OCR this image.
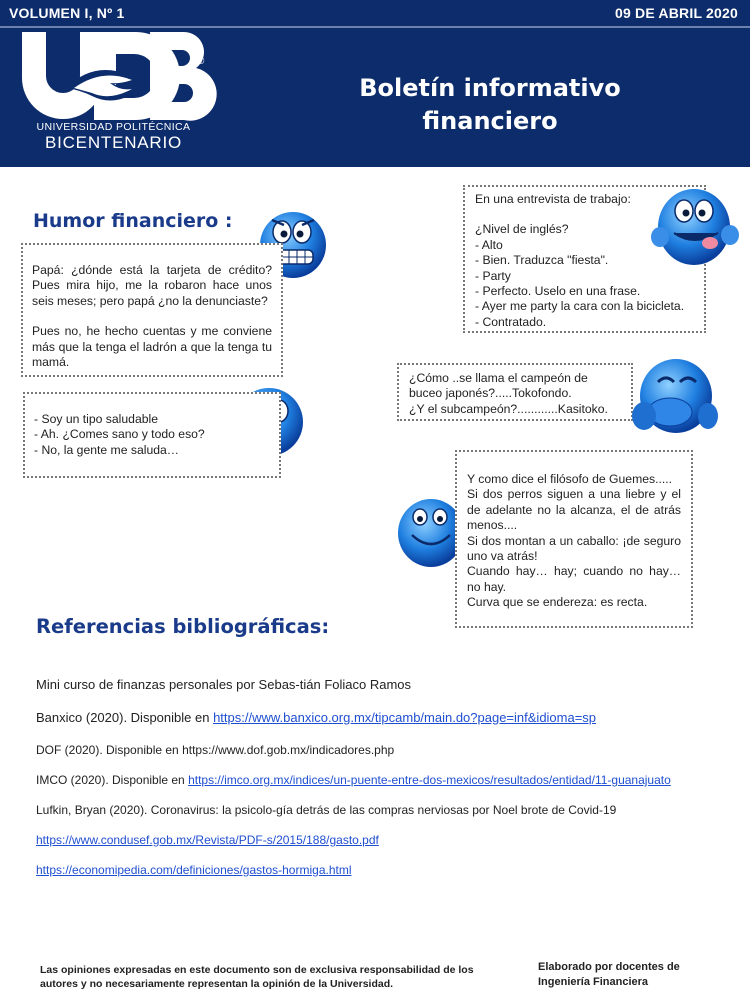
VOLUMEN I, Nº 1	09 DE ABRIL 2020
®
UNIVERSIDAD POLITÉCNICA
BICENTENARIO
Boletín informativo
financiero
Humor financiero :

Papá: ¿dónde está la tarjeta de crédito? Pues mira hijo, me la robaron hace unos seis meses; pero papá ¿no la denunciaste?

Pues no, he hecho cuentas y me conviene más que la tenga el ladrón a que la tenga tu mamá.

- Soy un tipo saludable

- Ah. ¿Comes sano y todo eso?

- No, la gente me saluda…

En una entrevista de trabajo:

¿Nivel de inglés?

- Alto

- Bien. Traduzca "fiesta".

- Party

- Perfecto. Uselo en una frase.

- Ayer me party la cara con la bicicleta.

- Contratado.

¿Cómo ..se llama el campeón de buceo japonés?.....Tokofondo.

¿Y el subcampeón?............Kasitoko.

Y como dice el filósofo de Guemes.....

Si dos perros siguen a una liebre y el de adelante no la alcanza, el de atrás menos....

Si dos montan a un caballo: ¡de seguro uno va atrás!

Cuando hay… hay; cuando no hay… no hay.

Curva que se endereza: es recta.

Referencias bibliográficas:
Mini curso de finanzas personales por Sebas-tián Foliaco Ramos
Banxico (2020). Disponible en https://www.banxico.org.mx/tipcamb/main.do?page=inf&idioma=sp
DOF (2020). Disponible en https://www.dof.gob.mx/indicadores.php
IMCO (2020). Disponible en https://imco.org.mx/indices/un-puente-entre-dos-mexicos/resultados/entidad/11-guanajuato
Lufkin, Bryan (2020). Coronavirus: la psicolo-gía detrás de las compras nerviosas por Noel brote de Covid-19
https://www.condusef.gob.mx/Revista/PDF-s/2015/188/gasto.pdf
https://economipedia.com/definiciones/gastos-hormiga.html
Las opiniones expresadas en este documento son de exclusiva responsabilidad de los autores y no necesariamente representan la opinión de la Universidad.
Elaborado por docentes de
Ingeniería Financiera
